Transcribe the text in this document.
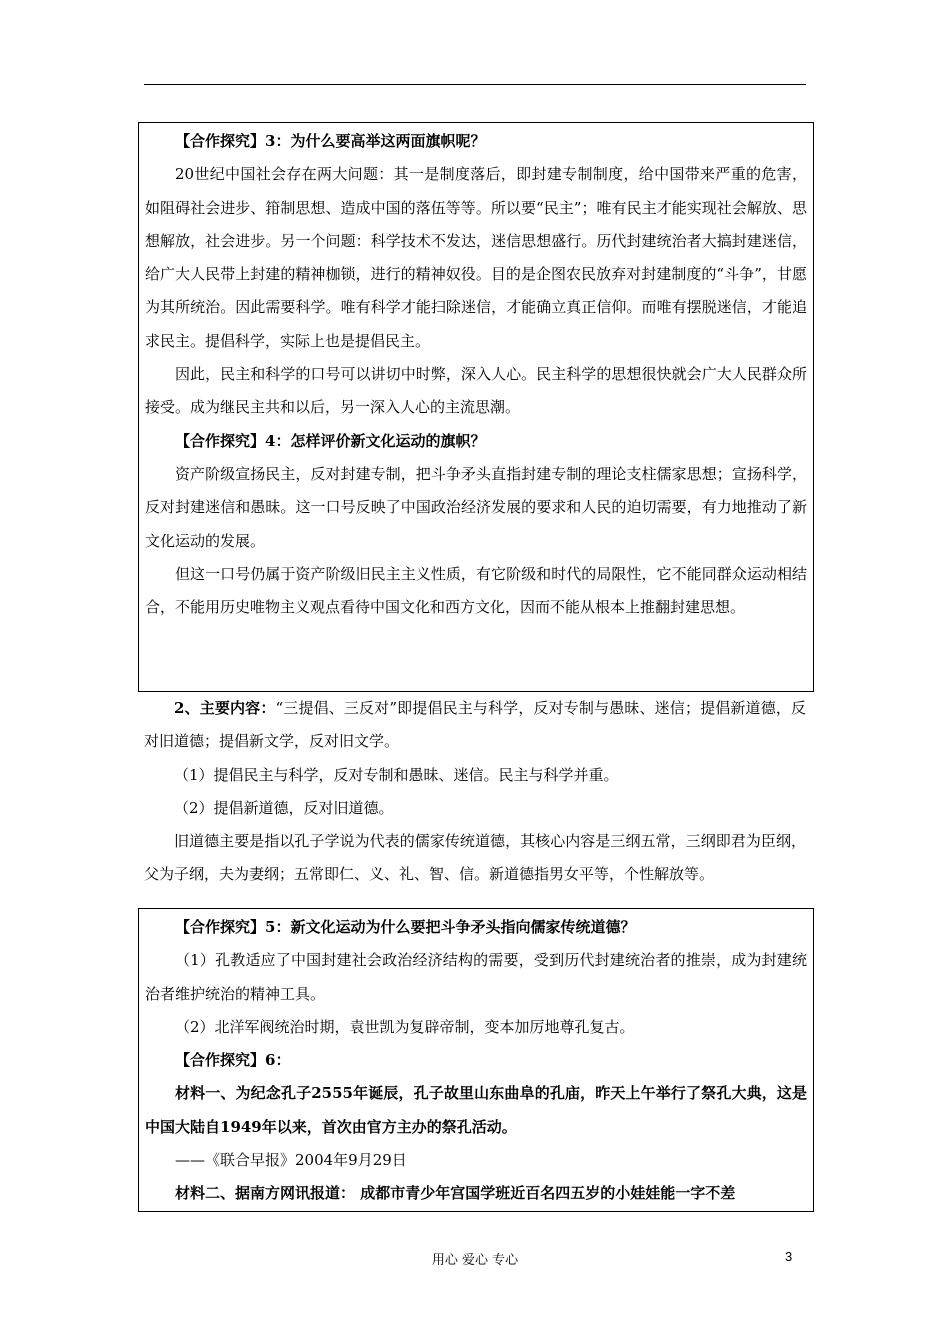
【合作探究】3：为什么要高举这两面旗帜呢？

20世纪中国社会存在两大问题：其一是制度落后，即封建专制制度，给中国带来严重的危害，如阻碍社会进步、箝制思想、造成中国的落伍等等。所以要“民主”；唯有民主才能实现社会解放、思想解放，社会进步。另一个问题：科学技术不发达，迷信思想盛行。历代封建统治者大搞封建迷信，给广大人民带上封建的精神枷锁，进行的精神奴役。目的是企图农民放弃对封建制度的“斗争”，甘愿为其所统治。因此需要科学。唯有科学才能扫除迷信，才能确立真正信仰。而唯有摆脱迷信，才能追求民主。提倡科学，实际上也是提倡民主。

因此，民主和科学的口号可以讲切中时弊，深入人心。民主科学的思想很快就会广大人民群众所接受。成为继民主共和以后，另一深入人心的主流思潮。

【合作探究】4：怎样评价新文化运动的旗帜？

资产阶级宣扬民主，反对封建专制，把斗争矛头直指封建专制的理论支柱儒家思想；宣扬科学，反对封建迷信和愚昧。这一口号反映了中国政治经济发展的要求和人民的迫切需要，有力地推动了新文化运动的发展。

但这一口号仍属于资产阶级旧民主主义性质，有它阶级和时代的局限性，它不能同群众运动相结合，不能用历史唯物主义观点看待中国文化和西方文化，因而不能从根本上推翻封建思想。

2、主要内容：“三提倡、三反对”即提倡民主与科学，反对专制与愚昧、迷信；提倡新道德，反对旧道德；提倡新文学，反对旧文学。

（1）提倡民主与科学，反对专制和愚昧、迷信。民主与科学并重。

（2）提倡新道德，反对旧道德。

旧道德主要是指以孔子学说为代表的儒家传统道德，其核心内容是三纲五常，三纲即君为臣纲，父为子纲，夫为妻纲；五常即仁、义、礼、智、信。新道德指男女平等，个性解放等。

【合作探究】5：新文化运动为什么要把斗争矛头指向儒家传统道德？

（1）孔教适应了中国封建社会政治经济结构的需要，受到历代封建统治者的推崇，成为封建统治者维护统治的精神工具。

（2）北洋军阀统治时期，袁世凯为复辟帝制，变本加厉地尊孔复古。

【合作探究】6：

材料一、为纪念孔子2555年诞辰，孔子故里山东曲阜的孔庙，昨天上午举行了祭孔大典，这是中国大陆自1949年以来，首次由官方主办的祭孔活动。

——《联合早报》2004年9月29日

材料二、据南方网讯报道： 成都市青少年宫国学班近百名四五岁的小娃娃能一字不差

用心 爱心 专心	3
